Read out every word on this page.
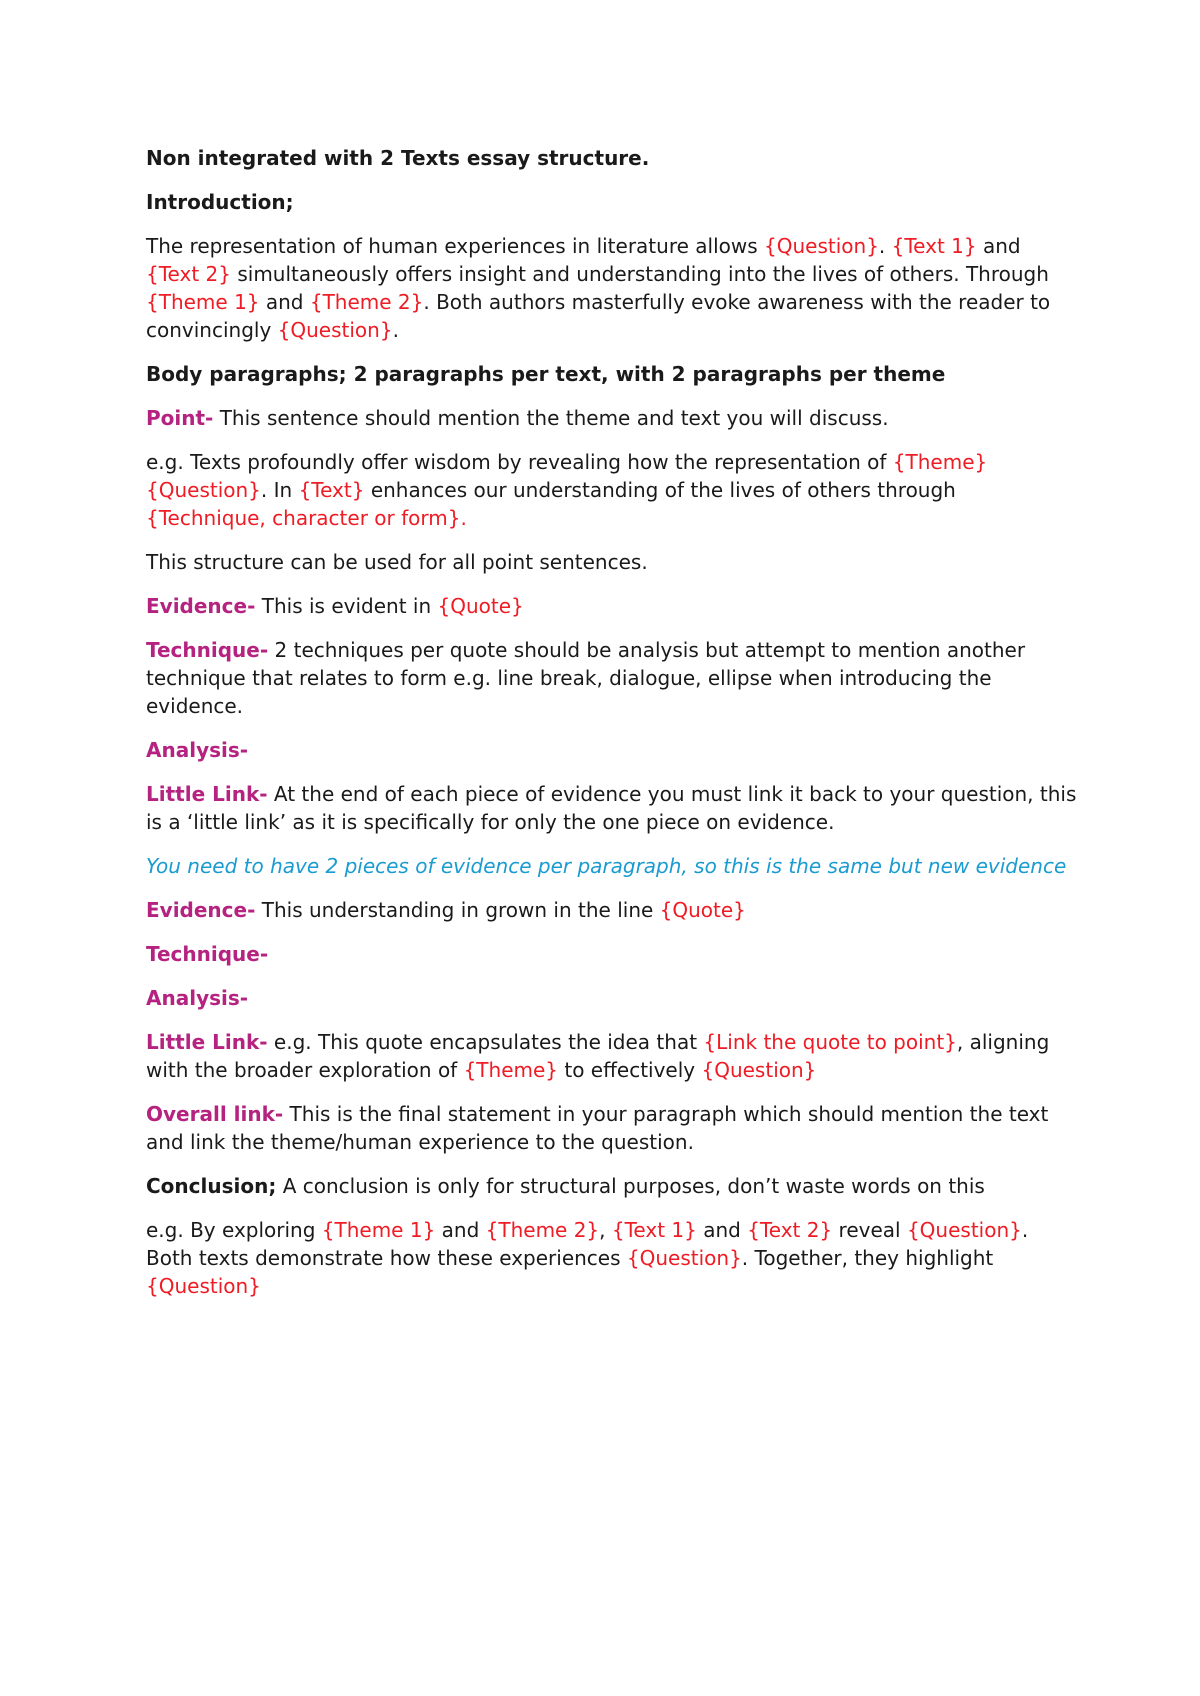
Non integrated with 2 Texts essay structure.

Introduction;

The representation of human experiences in literature allows {Question}. {Text 1} and {Text 2} simultaneously offers insight and understanding into the lives of others. Through {Theme 1} and {Theme 2}. Both authors masterfully evoke awareness with the reader to convincingly {Question}.

Body paragraphs; 2 paragraphs per text, with 2 paragraphs per theme

Point- This sentence should mention the theme and text you will discuss.

e.g. Texts profoundly offer wisdom by revealing how the representation of {Theme} {Question}. In {Text} enhances our understanding of the lives of others through {Technique, character or form}.

This structure can be used for all point sentences.

Evidence- This is evident in {Quote}

Technique- 2 techniques per quote should be analysis but attempt to mention another technique that relates to form e.g. line break, dialogue, ellipse when introducing the evidence.

Analysis-

Little Link- At the end of each piece of evidence you must link it back to your question, this is a ‘little link’ as it is specifically for only the one piece on evidence.

You need to have 2 pieces of evidence per paragraph, so this is the same but new evidence

Evidence- This understanding in grown in the line {Quote}

Technique-

Analysis-

Little Link- e.g. This quote encapsulates the idea that {Link the quote to point}, aligning with the broader exploration of {Theme} to effectively {Question}

Overall link- This is the final statement in your paragraph which should mention the text and link the theme/human experience to the question.

Conclusion; A conclusion is only for structural purposes, don’t waste words on this

e.g. By exploring {Theme 1} and {Theme 2}, {Text 1} and {Text 2} reveal {Question}. Both texts demonstrate how these experiences {Question}. Together, they highlight {Question}
